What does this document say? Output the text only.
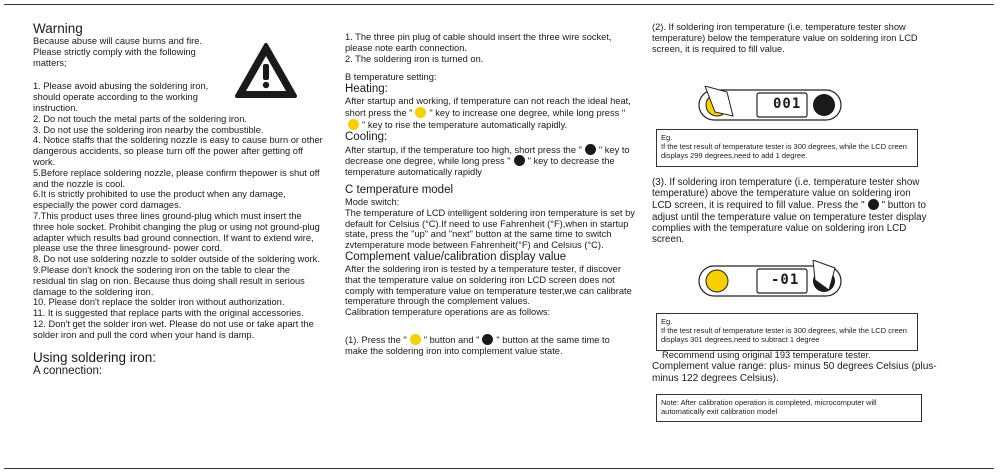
Warning

Because abuse will cause burns and fire.

Please strictly comply with the following

matters;

1. Please avoid abusing the soldering iron, should operate according to the working instruction.

2. Do not touch the metal parts of the soldering iron.

3. Do not use the soldering iron nearby the combustible.

4. Notice staffs that the soldering nozzle is easy to cause burn or other dangerous accidents, so please turn off the power after getting off work.

5.Before replace soldering nozzle, please confirm thepower is shut off and the nozzle is cool.

6.It is strictly prohibited to use the product when any damage, especially the power cord damages.

7.This product uses three lines ground-plug which must insert the three hole socket. Prohibit changing the plug or using not ground-plug adapter which results bad ground connection. If want to extend wire, please use the three linesground- power cord.

8. Do not use soldering nozzle to solder outside of the soldering work.

9.Please don't knock the sodering iron on the table to clear the residual tin slag on rion. Because thus doing shall result in serious damage to the soldering iron.

10. Please don't replace the solder iron without authorization.

11. It is suggested that replace parts with the original accessories.

12. Don't get the solder iron wet. Please do not use or take apart the solder iron and pull the cord when your hand is damp.

Using soldering iron:

A connection:

1. The three pin plug of cable should insert the three wire socket, please note earth connection.

2. The soldering iron is turned on.

B temperature setting:

Heating:

After startup and working, if temperature can not reach the ideal heat, short press the " " key to increase one degree, while long press "" key to rise the temperature automatically rapidly.

Cooling:

After startup, if the temperature too high, short press the " " key to decrease one degree, while long press " " key to decrease the temperature automatically rapidly

C temperature model

Mode switch:

The temperature of LCD intelligent soldering iron temperature is set by default for Celsius (°C).If need to use Fahrenheit (°F),when in startup state, press the "up" and "next" button at the same time to switch zvtemperature mode between Fahrenheit(°F) and Celsius (°C).

Complement value/calibration display value

After the soldering iron is tested by a temperature tester, if discover that the temperature value on soldering iron LCD screen does not comply with temperature value on temperature tester,we can calibrate temperature through the complement values.

Calibration temperature operations are as follows:

(1). Press the " " button and " " button at the same time to make the soldering iron into complement value state.

(2). If soldering iron temperature (i.e. temperature tester show temperature) below the temperature value on soldering iron LCD screen, it is required to fill value.

001

Eg.

If the test result of temperature tester is 300 degrees, while the LCD creen displays 299 degrees,need to add 1 degree.

(3). If soldering iron temperature (i.e. temperature tester show temperature) above the temperature value on soldering iron LCD screen, it is required to fill value. Press the " " button to adjust until the temperature value on temperature tester display complies with the temperature value on soldering iron LCD screen.

-01

Eg.

If the test result of temperature tester is 300 degrees, while the LCD creen displays 301 degrees,need to subtract 1 degree

Recommend using original 193 temperature tester.

Complement value range: plus- minus 50 degrees Celsius (plus-minus 122 degrees Celsius).

Note: After calibration operation is completed, microcomputer will automatically exit calibration model
